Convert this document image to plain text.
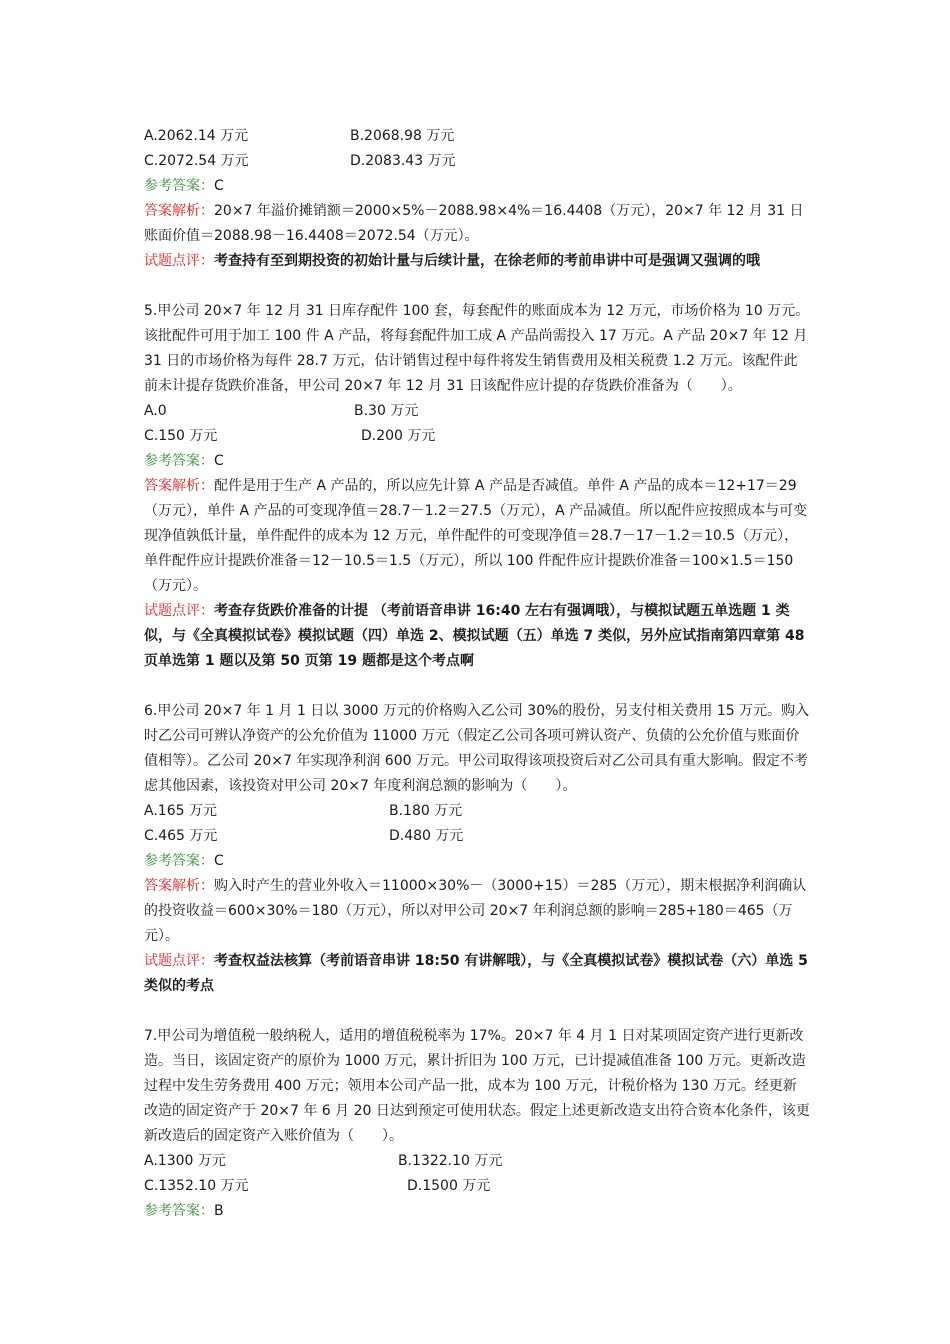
A.2062.14 万元	B.2068.98 万元
C.2072.54 万元	D.2083.43 万元
参考答案：C
答案解析：20×7 年溢价摊销额＝2000×5%－2088.98×4%＝16.4408（万元），20×7 年 12 月 31 日账面价值＝2088.98－16.4408＝2072.54（万元）。
试题点评：考查持有至到期投资的初始计量与后续计量，在徐老师的考前串讲中可是强调又强调的哦
5.甲公司 20×7 年 12 月 31 日库存配件 100 套，每套配件的账面成本为 12 万元，市场价格为 10 万元。该批配件可用于加工 100 件 A 产品，将每套配件加工成 A 产品尚需投入 17 万元。A 产品 20×7 年 12 月 31 日的市场价格为每件 28.7 万元，估计销售过程中每件将发生销售费用及相关税费 1.2 万元。该配件此前未计提存货跌价准备，甲公司 20×7 年 12 月 31 日该配件应计提的存货跌价准备为（　　）。
A.0	B.30 万元
C.150 万元	D.200 万元
参考答案：C
答案解析：配件是用于生产 A 产品的，所以应先计算 A 产品是否减值。单件 A 产品的成本＝12+17＝29（万元），单件 A 产品的可变现净值＝28.7－1.2＝27.5（万元），A 产品减值。所以配件应按照成本与可变现净值孰低计量，单件配件的成本为 12 万元，单件配件的可变现净值＝28.7－17－1.2＝10.5（万元），单件配件应计提跌价准备＝12－10.5＝1.5（万元），所以 100 件配件应计提跌价准备＝100×1.5＝150（万元）。
试题点评：考查存货跌价准备的计提 （考前语音串讲 16:40 左右有强调哦），与模拟试题五单选题 1 类似，与《全真模拟试卷》模拟试题（四）单选 2、模拟试题（五）单选 7 类似，另外应试指南第四章第 48 页单选第 1 题以及第 50 页第 19 题都是这个考点啊
6.甲公司 20×7 年 1 月 1 日以 3000 万元的价格购入乙公司 30%的股份，另支付相关费用 15 万元。购入时乙公司可辨认净资产的公允价值为 11000 万元（假定乙公司各项可辨认资产、负债的公允价值与账面价值相等）。乙公司 20×7 年实现净利润 600 万元。甲公司取得该项投资后对乙公司具有重大影响。假定不考虑其他因素，该投资对甲公司 20×7 年度利润总额的影响为（　　）。
A.165 万元	B.180 万元
C.465 万元	D.480 万元
参考答案：C
答案解析：购入时产生的营业外收入＝11000×30%－（3000+15）＝285（万元），期末根据净利润确认的投资收益＝600×30%＝180（万元），所以对甲公司 20×7 年利润总额的影响＝285+180＝465（万元）。
试题点评：考查权益法核算（考前语音串讲 18:50 有讲解哦），与《全真模拟试卷》模拟试卷（六）单选 5 类似的考点
7.甲公司为增值税一般纳税人，适用的增值税税率为 17%。20×7 年 4 月 1 日对某项固定资产进行更新改造。当日，该固定资产的原价为 1000 万元，累计折旧为 100 万元，已计提减值准备 100 万元。更新改造过程中发生劳务费用 400 万元；领用本公司产品一批，成本为 100 万元，计税价格为 130 万元。经更新改造的固定资产于 20×7 年 6 月 20 日达到预定可使用状态。假定上述更新改造支出符合资本化条件，该更新改造后的固定资产入账价值为（　　）。
A.1300 万元	B.1322.10 万元
C.1352.10 万元	D.1500 万元
参考答案：B
